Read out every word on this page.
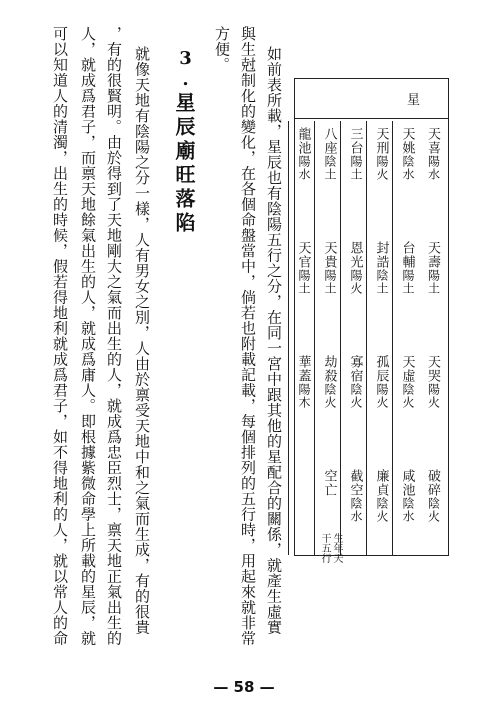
如前表所載，星辰也有陰陽五行之分，在同一宮中跟其他的星配合的關係，就產生虛實
與生尅制化的變化，在各個命盤當中，倘若也附載記載，每個排列的五行時，用起來就非常
方便。
3.
星辰廟旺落陷
就像天地有陰陽之分一樣，人有男女之別，人由於禀受天地中和之氣而生成，有的很貴
，有的很賢明。由於得到了天地剛大之氣而出生的人，就成爲忠臣烈士，禀天地正氣出生的
人，就成爲君子，而禀天地餘氣出生的人，就成爲庸人。即根據紫微命學上所載的星辰，就
可以知道人的清濁，出生的時候，假若得地利就成爲君子，如不得地利的人，就以常人的命	星
天喜
陽水
天壽
陽土
天哭
陽火
破碎
陰火
天姚
陰水
台輔
陽土
天虛
陰火
咸池
陰水
天刑
陽火
封誥
陰土
孤辰
陽火
廉貞
陰火
三台
陽土
恩光
陽火
寡宿
陰火
截空
陰水
八座
陰土
天貴
陽土
劫殺
陰火
空亡
生年天
干五行
龍池
陽水
天官
陽土
華蓋
陽木
— 58 —
